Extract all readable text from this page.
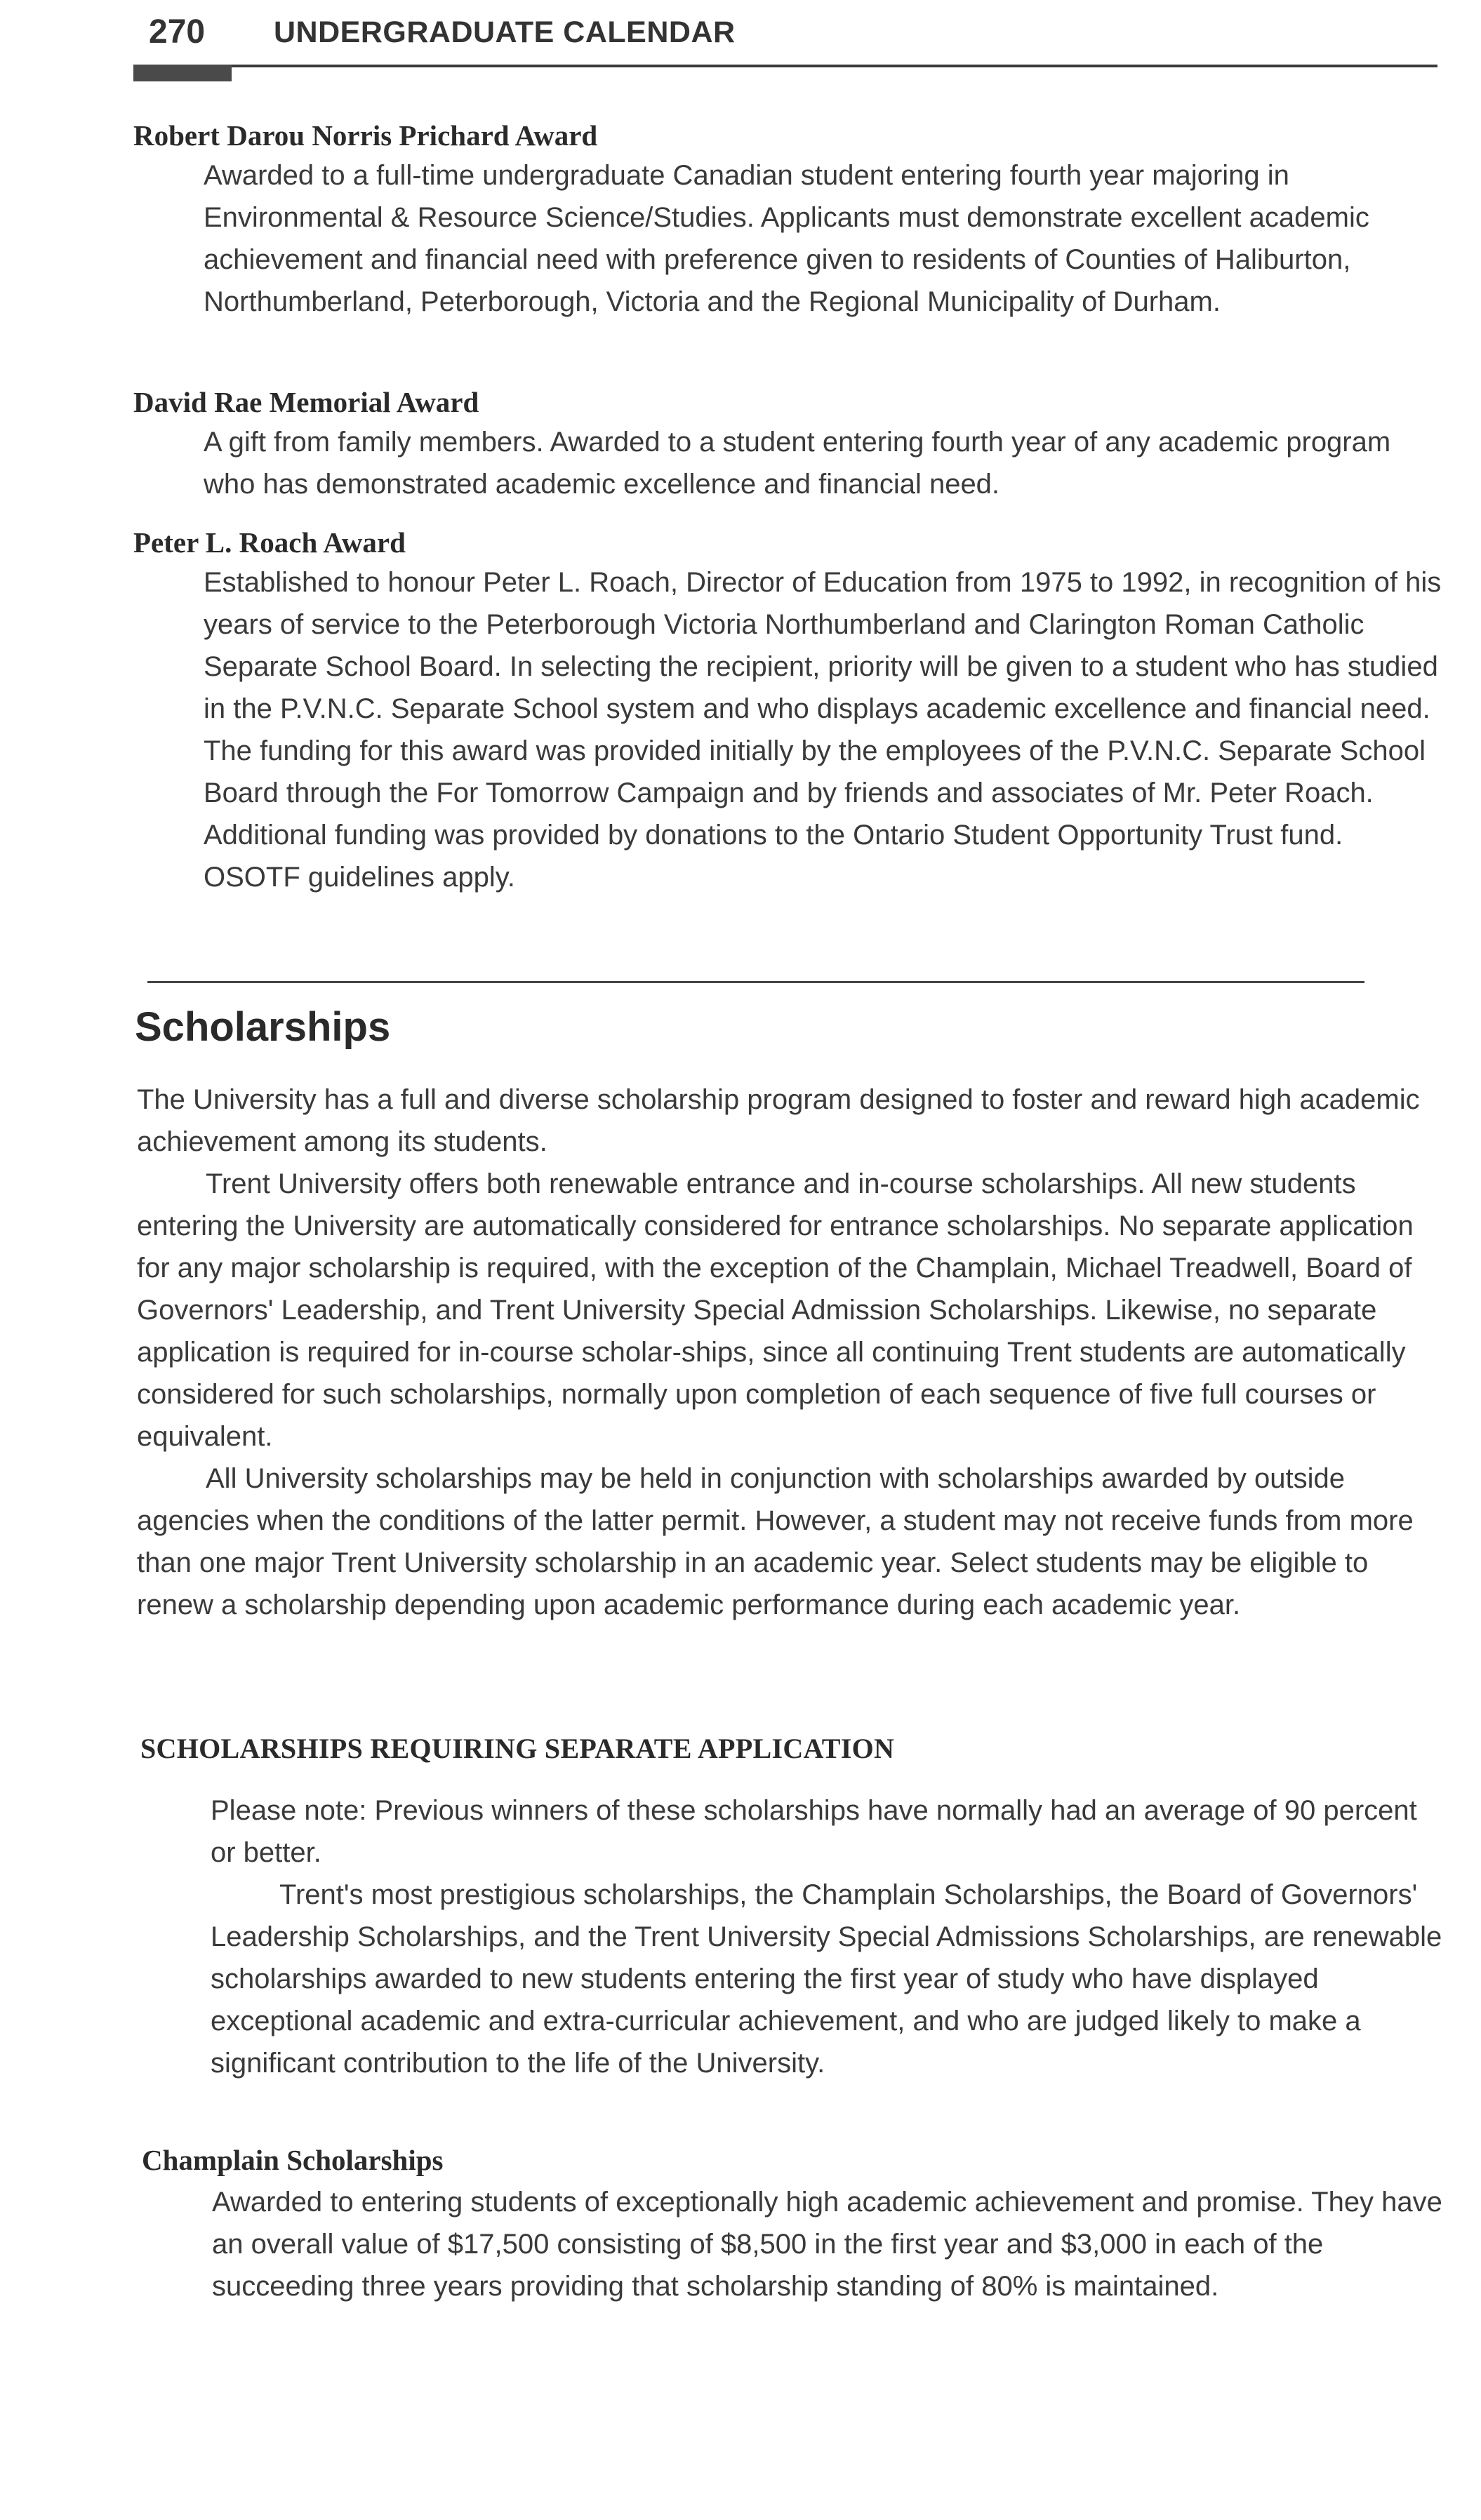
270 UNDERGRADUATE CALENDAR
Robert Darou Norris Prichard Award
Awarded to a full-time undergraduate Canadian student entering fourth year majoring in Environmental & Resource Science/Studies. Applicants must demonstrate excellent academic achievement and financial need with preference given to residents of Counties of Haliburton, Northumberland, Peterborough, Victoria and the Regional Municipality of Durham.
David Rae Memorial Award
A gift from family members. Awarded to a student entering fourth year of any academic program who has demonstrated academic excellence and financial need.
Peter L. Roach Award
Established to honour Peter L. Roach, Director of Education from 1975 to 1992, in recognition of his years of service to the Peterborough Victoria Northumberland and Clarington Roman Catholic Separate School Board. In selecting the recipient, priority will be given to a student who has studied in the P.V.N.C. Separate School system and who displays academic excellence and financial need. The funding for this award was provided initially by the employees of the P.V.N.C. Separate School Board through the For Tomorrow Campaign and by friends and associates of Mr. Peter Roach. Additional funding was provided by donations to the Ontario Student Opportunity Trust fund. OSOTF guidelines apply.
Scholarships

The University has a full and diverse scholarship program designed to foster and reward high academic achievement among its students.

Trent University offers both renewable entrance and in-course scholarships. All new students entering the University are automatically considered for entrance scholarships. No separate application for any major scholarship is required, with the exception of the Champlain, Michael Treadwell, Board of Governors' Leadership, and Trent University Special Admission Scholarships. Likewise, no separate application is required for in-course scholar-ships, since all continuing Trent students are automatically considered for such scholarships, normally upon completion of each sequence of five full courses or equivalent.

All University scholarships may be held in conjunction with scholarships awarded by outside agencies when the conditions of the latter permit. However, a student may not receive funds from more than one major Trent University scholarship in an academic year. Select students may be eligible to renew a scholarship depending upon academic performance during each academic year.

SCHOLARSHIPS REQUIRING SEPARATE APPLICATION

Please note: Previous winners of these scholarships have normally had an average of 90 percent or better.

Trent's most prestigious scholarships, the Champlain Scholarships, the Board of Governors' Leadership Scholarships, and the Trent University Special Admissions Scholarships, are renewable scholarships awarded to new students entering the first year of study who have displayed exceptional academic and extra-curricular achievement, and who are judged likely to make a significant contribution to the life of the University.

Champlain Scholarships
Awarded to entering students of exceptionally high academic achievement and promise. They have an overall value of $17,500 consisting of $8,500 in the first year and $3,000 in each of the succeeding three years providing that scholarship standing of 80% is maintained.
